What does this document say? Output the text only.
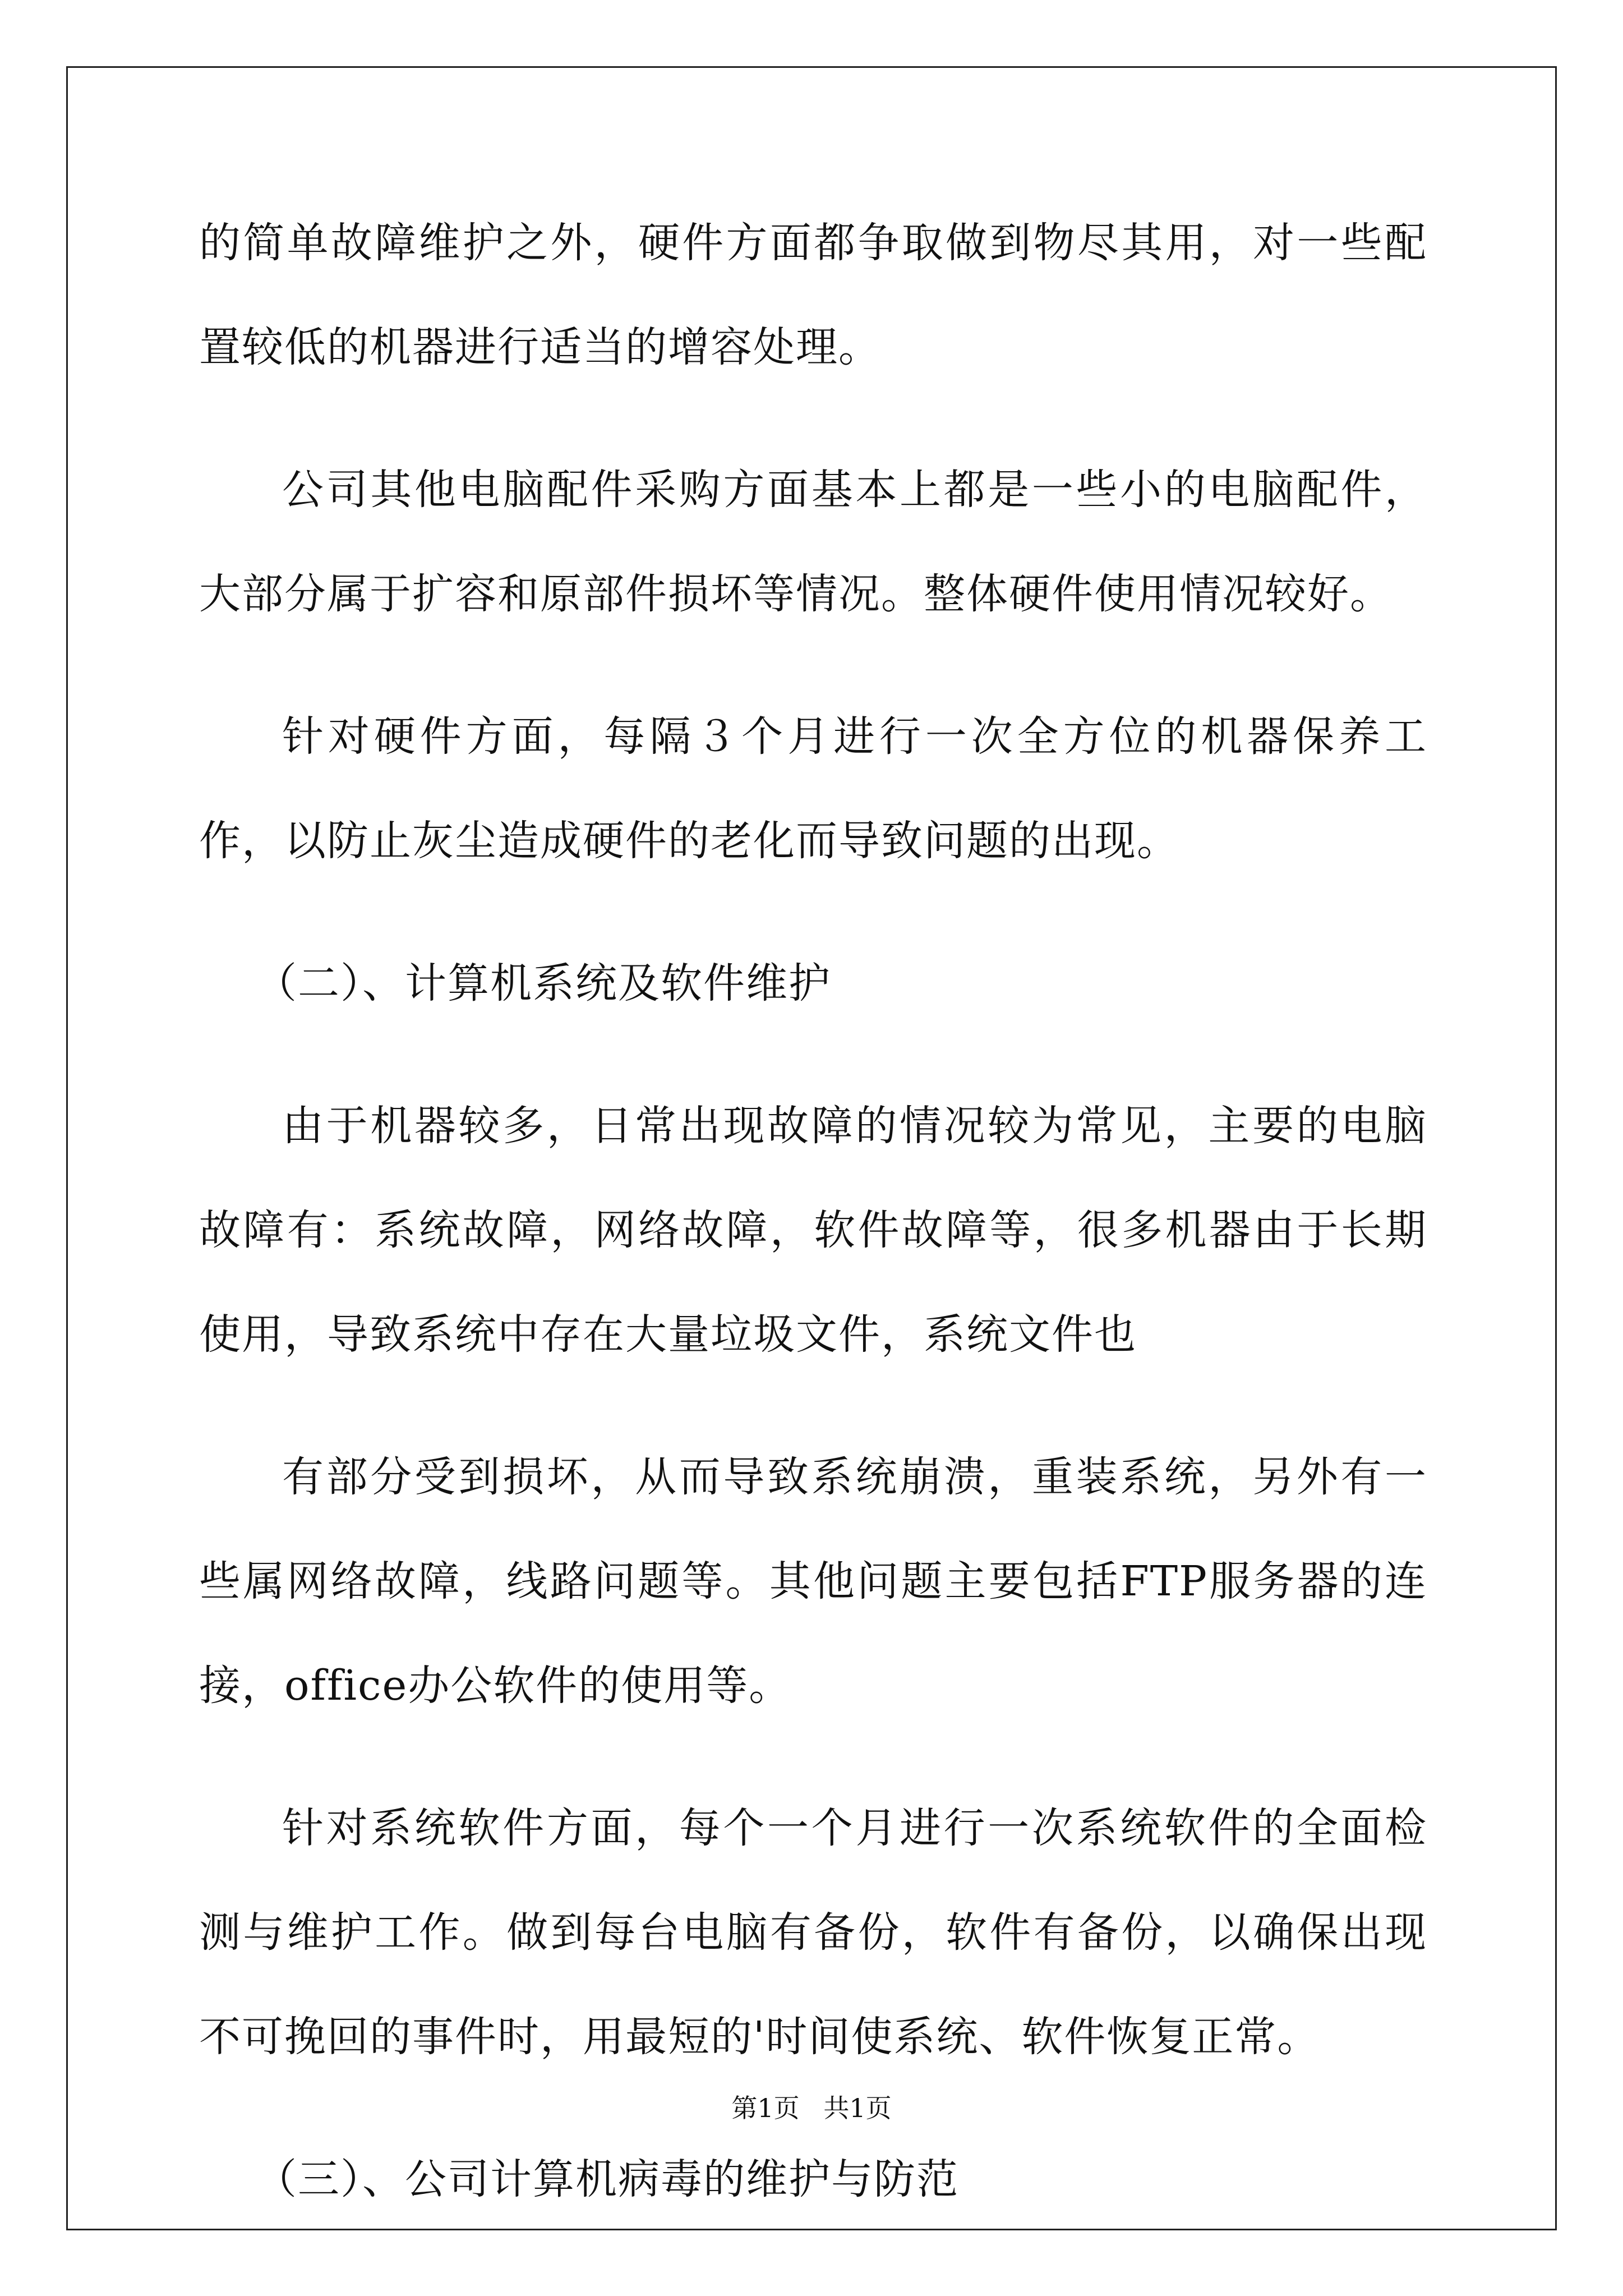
的简单故障维护之外，硬件方面都争取做到物尽其用，对一些配置较低的机器进行适当的增容处理。

公司其他电脑配件采购方面基本上都是一些小的电脑配件，大部分属于扩容和原部件损坏等情况。整体硬件使用情况较好。

针对硬件方面，每隔３个月进行一次全方位的机器保养工作，以防止灰尘造成硬件的老化而导致问题的出现。

（二）、计算机系统及软件维护

由于机器较多，日常出现故障的情况较为常见，主要的电脑故障有：系统故障，网络故障，软件故障等，很多机器由于长期使用，导致系统中存在大量垃圾文件，系统文件也

有部分受到损坏，从而导致系统崩溃，重装系统，另外有一些属网络故障，线路问题等。其他问题主要包括FTP服务器的连接，office办公软件的使用等。

针对系统软件方面，每个一个月进行一次系统软件的全面检测与维护工作。做到每台电脑有备份，软件有备份，以确保出现不可挽回的事件时，用最短的'时间使系统、软件恢复正常。

（三）、公司计算机病毒的维护与防范

第1页 共1页
